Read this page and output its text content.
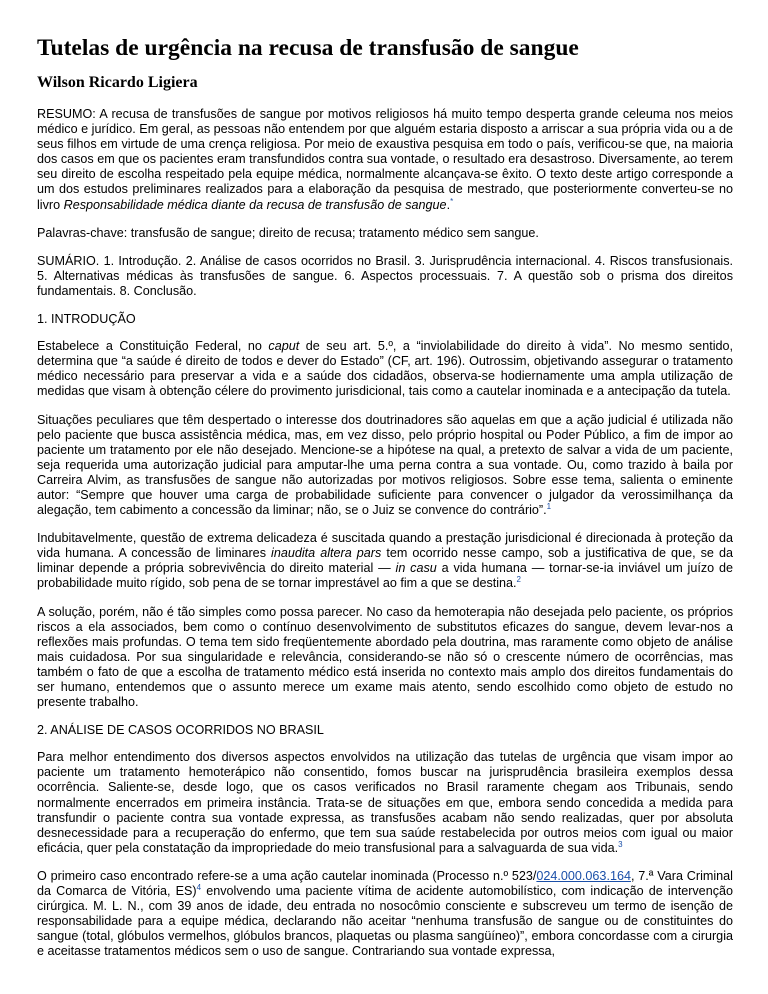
Tutelas de urgência na recusa de transfusão de sangue
Wilson Ricardo Ligiera

RESUMO: A recusa de transfusões de sangue por motivos religiosos há muito tempo desperta grande celeuma nos meios médico e jurídico. Em geral, as pessoas não entendem por que alguém estaria disposto a arriscar a sua própria vida ou a de seus filhos em virtude de uma crença religiosa. Por meio de exaustiva pesquisa em todo o país, verificou-se que, na maioria dos casos em que os pacientes eram transfundidos contra sua vontade, o resultado era desastroso. Diversamente, ao terem seu direito de escolha respeitado pela equipe médica, normalmente alcançava-se êxito. O texto deste artigo corresponde a um dos estudos preliminares realizados para a elaboração da pesquisa de mestrado, que posteriormente converteu-se no livro Responsabilidade médica diante da recusa de transfusão de sangue.*

Palavras-chave: transfusão de sangue; direito de recusa; tratamento médico sem sangue.

SUMÁRIO. 1. Introdução. 2. Análise de casos ocorridos no Brasil. 3. Jurisprudência internacional. 4. Riscos transfusionais. 5. Alternativas médicas às transfusões de sangue. 6. Aspectos processuais. 7. A questão sob o prisma dos direitos fundamentais. 8. Conclusão.

1. INTRODUÇÃO

Estabelece a Constituição Federal, no caput de seu art. 5.º, a “inviolabilidade do direito à vida”. No mesmo sentido, determina que “a saúde é direito de todos e dever do Estado” (CF, art. 196). Outrossim, objetivando assegurar o tratamento médico necessário para preservar a vida e a saúde dos cidadãos, observa-se hodiernamente uma ampla utilização de medidas que visam à obtenção célere do provimento jurisdicional, tais como a cautelar inominada e a antecipação da tutela.

Situações peculiares que têm despertado o interesse dos doutrinadores são aquelas em que a ação judicial é utilizada não pelo paciente que busca assistência médica, mas, em vez disso, pelo próprio hospital ou Poder Público, a fim de impor ao paciente um tratamento por ele não desejado. Mencione-se a hipótese na qual, a pretexto de salvar a vida de um paciente, seja requerida uma autorização judicial para amputar-lhe uma perna contra a sua vontade. Ou, como trazido à baila por Carreira Alvim, as transfusões de sangue não autorizadas por motivos religiosos. Sobre esse tema, salienta o eminente autor: “Sempre que houver uma carga de probabilidade suficiente para convencer o julgador da verossimilhança da alegação, tem cabimento a concessão da liminar; não, se o Juiz se convence do contrário”.$^1$

Indubitavelmente, questão de extrema delicadeza é suscitada quando a prestação jurisdicional é direcionada à proteção da vida humana. A concessão de liminares inaudita altera pars tem ocorrido nesse campo, sob a justificativa de que, se da liminar depende a própria sobrevivência do direito material — in casu a vida humana — tornar-se-ia inviável um juízo de probabilidade muito rígido, sob pena de se tornar imprestável ao fim a que se destina.$^2$

A solução, porém, não é tão simples como possa parecer. No caso da hemoterapia não desejada pelo paciente, os próprios riscos a ela associados, bem como o contínuo desenvolvimento de substitutos eficazes do sangue, devem levar-nos a reflexões mais profundas. O tema tem sido freqüentemente abordado pela doutrina, mas raramente como objeto de análise mais cuidadosa. Por sua singularidade e relevância, considerando-se não só o crescente número de ocorrências, mas também o fato de que a escolha de tratamento médico está inserida no contexto mais amplo dos direitos fundamentais do ser humano, entendemos que o assunto merece um exame mais atento, sendo escolhido como objeto de estudo no presente trabalho.

2. ANÁLISE DE CASOS OCORRIDOS NO BRASIL

Para melhor entendimento dos diversos aspectos envolvidos na utilização das tutelas de urgência que visam impor ao paciente um tratamento hemoterápico não consentido, fomos buscar na jurisprudência brasileira exemplos dessa ocorrência. Saliente-se, desde logo, que os casos verificados no Brasil raramente chegam aos Tribunais, sendo normalmente encerrados em primeira instância. Trata-se de situações em que, embora sendo concedida a medida para transfundir o paciente contra sua vontade expressa, as transfusões acabam não sendo realizadas, quer por absoluta desnecessidade para a recuperação do enfermo, que tem sua saúde restabelecida por outros meios com igual ou maior eficácia, quer pela constatação da impropriedade do meio transfusional para a salvaguarda de sua vida.$^3$

O primeiro caso encontrado refere-se a uma ação cautelar inominada (Processo n.º 523/024.000.063.164, 7.ª Vara Criminal da Comarca de Vitória, ES)$^4$ envolvendo uma paciente vítima de acidente automobilístico, com indicação de intervenção cirúrgica. M. L. N., com 39 anos de idade, deu entrada no nosocômio consciente e subscreveu um termo de isenção de responsabilidade para a equipe médica, declarando não aceitar “nenhuma transfusão de sangue ou de constituintes do sangue (total, glóbulos vermelhos, glóbulos brancos, plaquetas ou plasma sangüíneo)”, embora concordasse com a cirurgia e aceitasse tratamentos médicos sem o uso de sangue. Contrariando sua vontade expressa,
